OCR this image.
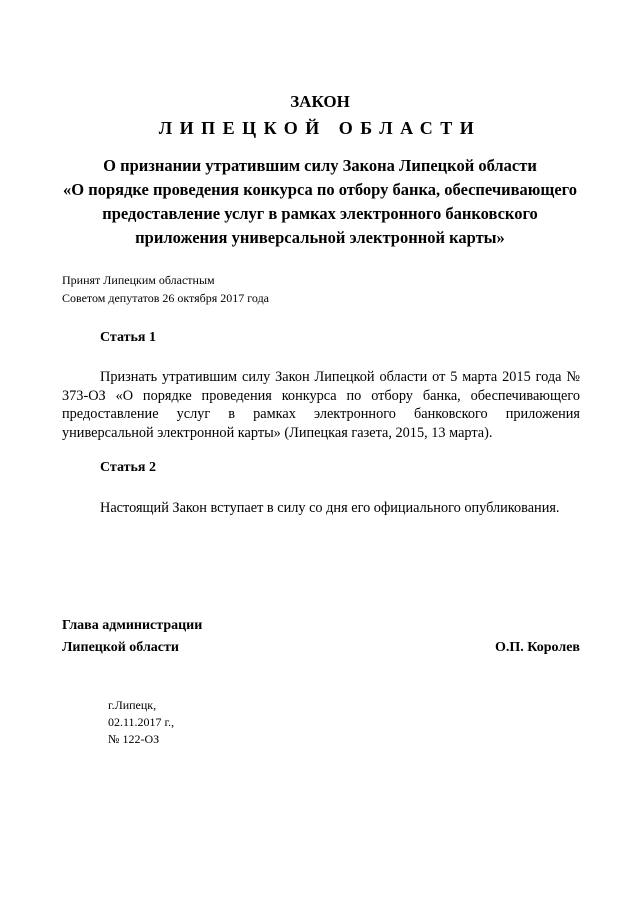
ЗАКОН
ЛИПЕЦКОЙ ОБЛАСТИ
О признании утратившим силу Закона Липецкой области
«О порядке проведения конкурса по отбору банка, обеспечивающего
предоставление услуг в рамках электронного банковского
приложения универсальной электронной карты»
Принят Липецким областным
Советом депутатов 26 октября 2017 года
Статья 1
Признать утратившим силу Закон Липецкой области от 5 марта 2015 года № 373-ОЗ «О порядке проведения конкурса по отбору банка, обеспечивающего предоставление услуг в рамках электронного банковского приложения универсальной электронной карты» (Липецкая газета, 2015, 13 марта).
Статья 2
Настоящий Закон вступает в силу со дня его официального опубликования.
Глава администрации
Липецкой области	О.П. Королев
г.Липецк,
02.11.2017 г.,
№ 122-ОЗ
